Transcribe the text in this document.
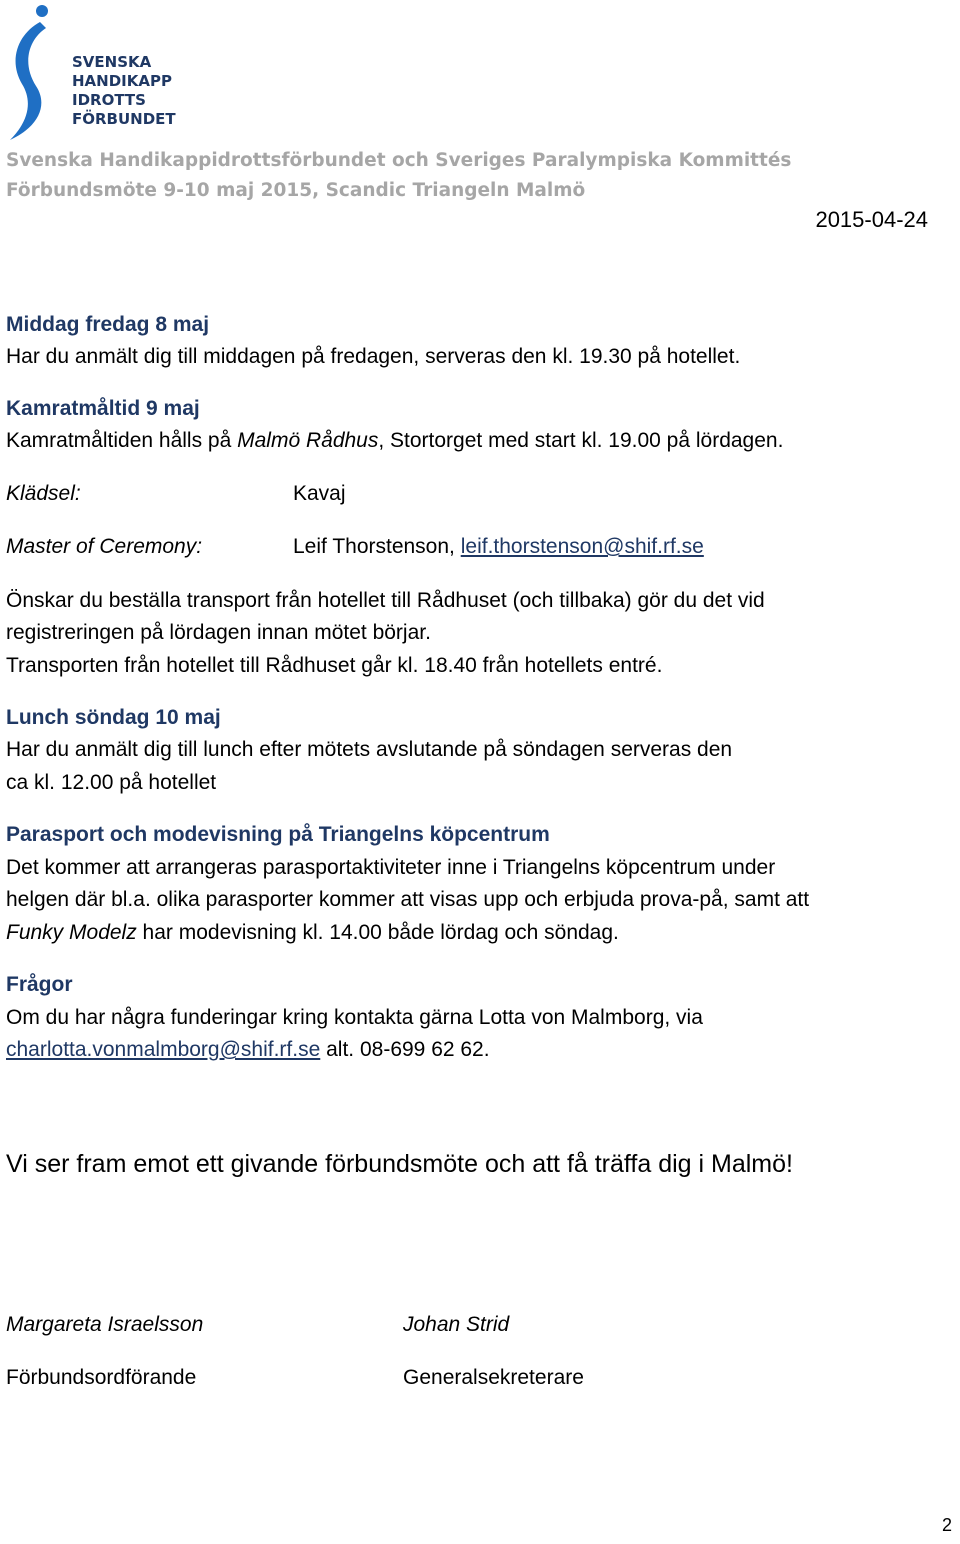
SVENSKA
HANDIKAPP
IDROTTS
FÖRBUNDET
Svenska Handikappidrottsförbundet och Sveriges Paralympiska Kommittés
Förbundsmöte 9-10 maj 2015, Scandic Triangeln Malmö
2015-04-24
Middag fredag 8 maj
Har du anmält dig till middagen på fredagen, serveras den kl. 19.30 på hotellet.
Kamratmåltid 9 maj
Kamratmåltiden hålls på Malmö Rådhus, Stortorget med start kl. 19.00 på lördagen.
Klädsel:	Kavaj
Master of Ceremony:	Leif Thorstenson, leif.thorstenson@shif.rf.se
Önskar du beställa transport från hotellet till Rådhuset (och tillbaka) gör du det vid
registreringen på lördagen innan mötet börjar.
Transporten från hotellet till Rådhuset går kl. 18.40 från hotellets entré.
Lunch söndag 10 maj
Har du anmält dig till lunch efter mötets avslutande på söndagen serveras den
ca kl. 12.00 på hotellet
Parasport och modevisning på Triangelns köpcentrum
Det kommer att arrangeras parasportaktiviteter inne i Triangelns köpcentrum under
helgen där bl.a. olika parasporter kommer att visas upp och erbjuda prova-på, samt att
Funky Modelz har modevisning kl. 14.00 både lördag och söndag.
Frågor
Om du har några funderingar kring kontakta gärna Lotta von Malmborg, via
charlotta.vonmalmborg@shif.rf.se alt. 08-699 62 62.
Vi ser fram emot ett givande förbundsmöte och att få träffa dig i Malmö!
Margareta Israelsson
Förbundsordförande
Johan Strid
Generalsekreterare
2
